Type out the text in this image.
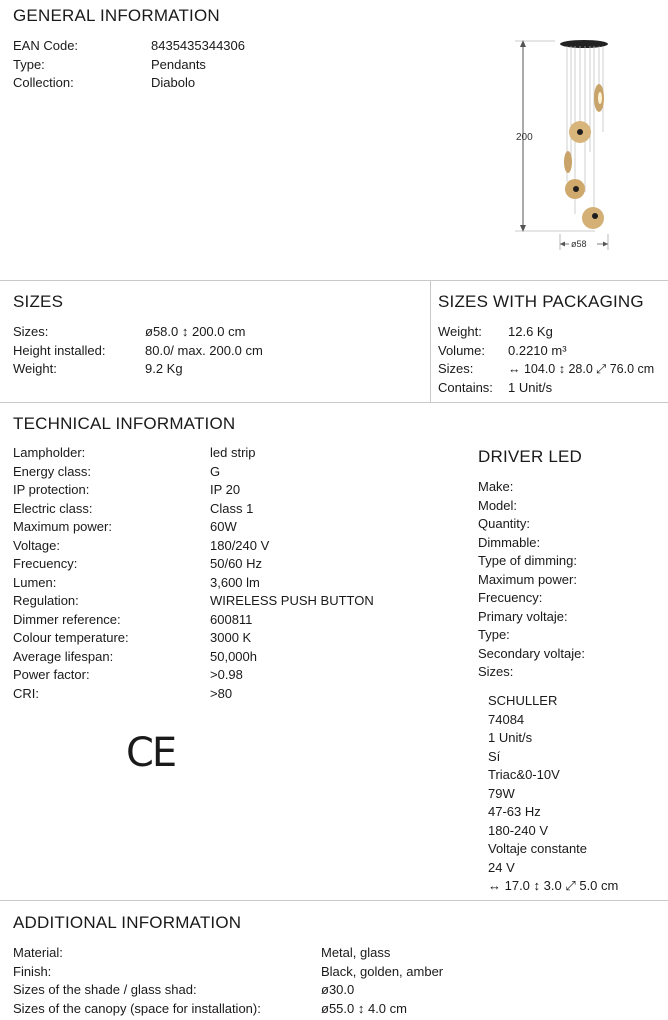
GENERAL INFORMATION
EAN Code:
Type:
Collection:
8435435344306
Pendants
Diabolo
200
ø58
SIZES
Sizes:
Height installed:
Weight:
ø58.0 ↕ 200.0 cm
80.0/ max. 200.0 cm
9.2 Kg
SIZES WITH PACKAGING
Weight:
Volume:
Sizes:
Contains:
12.6 Kg
0.2210 m³
↔ 104.0 ↕ 28.0 ⤢ 76.0 cm
1 Unit/s
TECHNICAL INFORMATION
Lampholder:
Energy class:
IP protection:
Electric class:
Maximum power:
Voltage:
Frecuency:
Lumen:
Regulation:
Dimmer reference:
Colour temperature:
Average lifespan:
Power factor:
CRI:
led strip
G
IP 20
Class 1
60W
180/240 V
50/60 Hz
3,600 lm
WIRELESS PUSH BUTTON
600811
3000 K
50,000h
>0.98
>80
CE
DRIVER LED
Make:
Model:
Quantity:
Dimmable:
Type of dimming:
Maximum power:
Frecuency:
Primary voltaje:
Type:
Secondary voltaje:
Sizes:
SCHULLER
74084
1 Unit/s
Sí
Triac&0-10V
79W
47-63 Hz
180-240 V
Voltaje constante
24 V
↔ 17.0 ↕ 3.0 ⤢ 5.0 cm
ADDITIONAL INFORMATION
Material:
Finish:
Sizes of the shade / glass shad:
Sizes of the canopy (space for installation):
Metal, glass
Black, golden, amber
ø30.0
ø55.0 ↕ 4.0 cm
